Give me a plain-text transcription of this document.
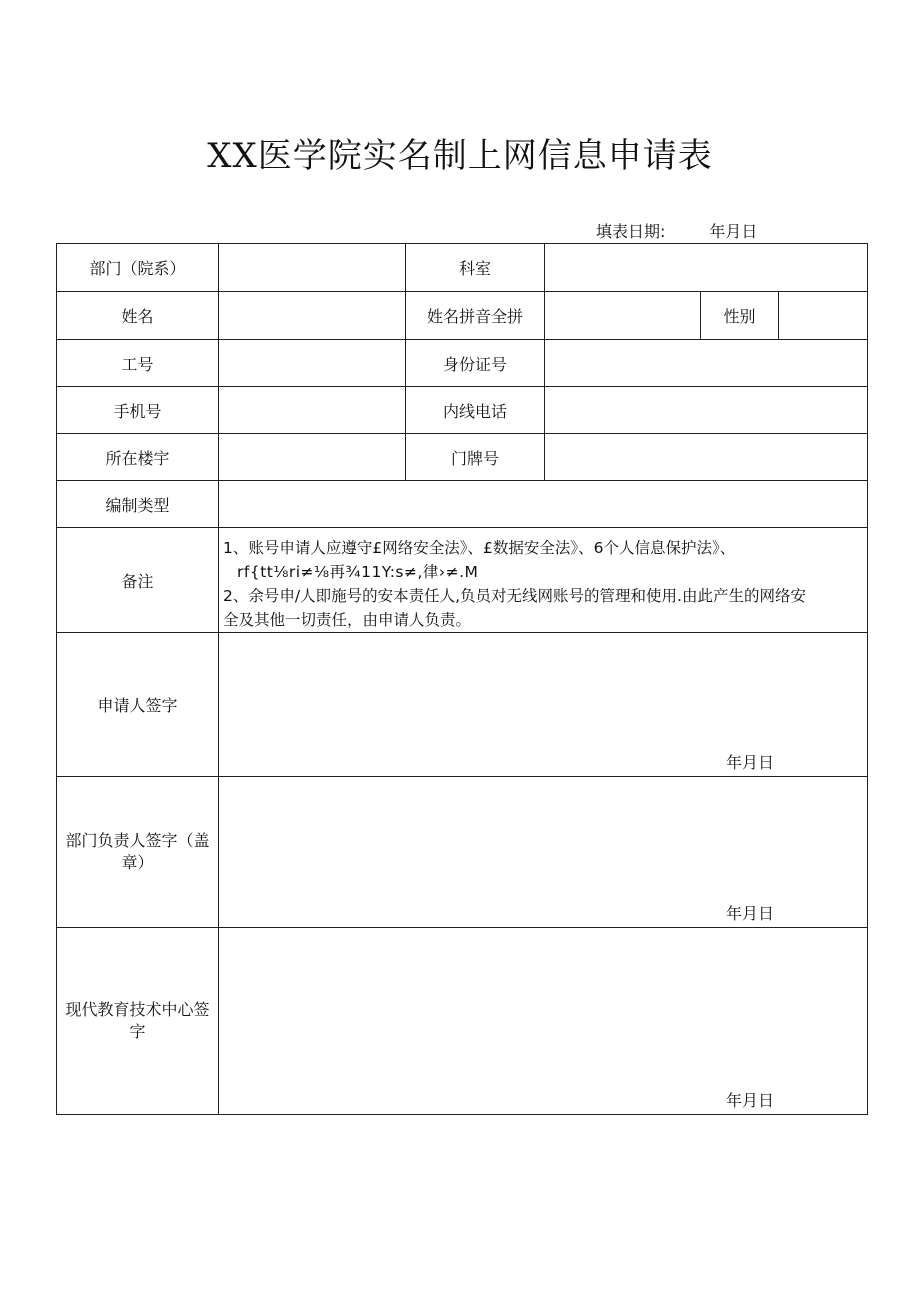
XX医学院实名制上网信息申请表
填表日期:	年月日
部门（院系）		科室			
姓名		姓名拼音全拼		性别	
工号		身份证号			
手机号		内线电话			
所在楼宇		门牌号			
编制类型					
备注	1、账号申请人应遵守£网络安全法》、£数据安全法》、6个人信息保护法》、
rf{tt⅛ri≠⅛再¾11Y:s≠,律›≠.M
2、余号申/人即施号的安本责任人,负员对无线网账号的管理和使用.由此产生的网络安
全及其他一切责任，由申请人负责。				

申请人签字	年月日				

部门负责人签字（盖章）	年月日				

现代教育技术中心签字	年月日				
